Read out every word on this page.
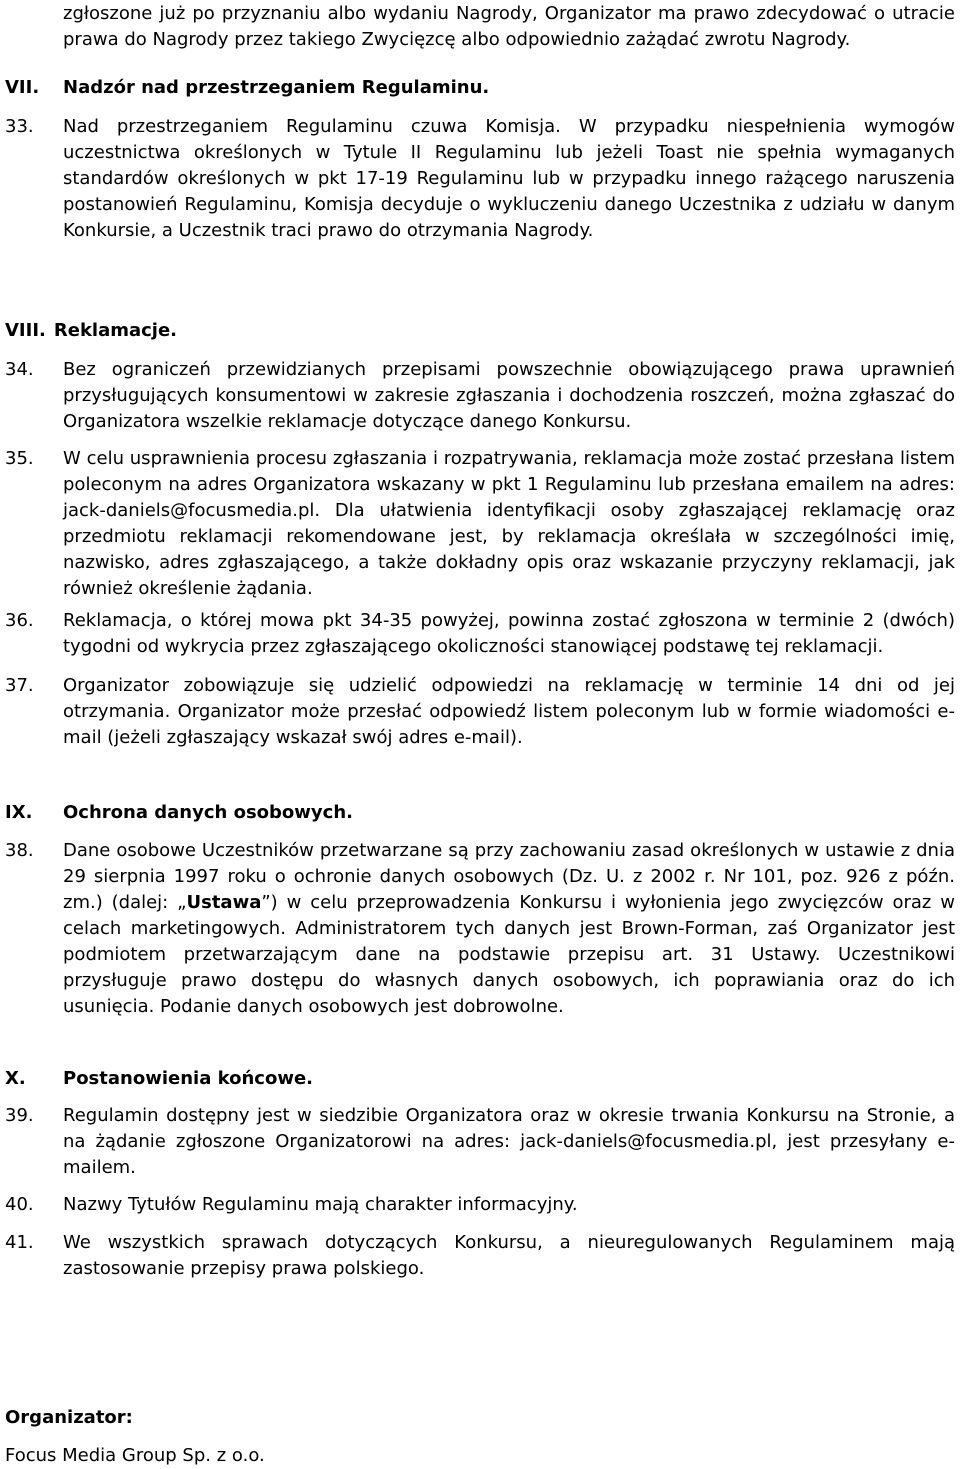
zgłoszone już po przyznaniu albo wydaniu Nagrody, Organizator ma prawo zdecydować o utracie prawa do Nagrody przez takiego Zwycięzcę albo odpowiednio zażądać zwrotu Nagrody.

VII. Nadzór nad przestrzeganiem Regulaminu.
33.	Nad przestrzeganiem Regulaminu czuwa Komisja. W przypadku niespełnienia wymogów uczestnictwa określonych w Tytule II Regulaminu lub jeżeli Toast nie spełnia wymaganych standardów określonych w pkt 17-19 Regulaminu lub w przypadku innego rażącego naruszenia postanowień Regulaminu, Komisja decyduje o wykluczeniu danego Uczestnika z udziału w danym Konkursie, a Uczestnik traci prawo do otrzymania Nagrody.
VIII. Reklamacje.
34.	Bez ograniczeń przewidzianych przepisami powszechnie obowiązującego prawa uprawnień przysługujących konsumentowi w zakresie zgłaszania i dochodzenia roszczeń, można zgłaszać do Organizatora wszelkie reklamacje dotyczące danego Konkursu.
35.	W celu usprawnienia procesu zgłaszania i rozpatrywania, reklamacja może zostać przesłana listem poleconym na adres Organizatora wskazany w pkt 1 Regulaminu lub przesłana emailem na adres: jack-daniels@focusmedia.pl. Dla ułatwienia identyfikacji osoby zgłaszającej reklamację oraz przedmiotu reklamacji rekomendowane jest, by reklamacja określała w szczególności imię, nazwisko, adres zgłaszającego, a także dokładny opis oraz wskazanie przyczyny reklamacji, jak również określenie żądania.
36.	Reklamacja, o której mowa pkt 34-35 powyżej, powinna zostać zgłoszona w terminie 2 (dwóch) tygodni od wykrycia przez zgłaszającego okoliczności stanowiącej podstawę tej reklamacji.
37.	Organizator zobowiązuje się udzielić odpowiedzi na reklamację w terminie 14 dni od jej otrzymania. Organizator może przesłać odpowiedź listem poleconym lub w formie wiadomości e-mail (jeżeli zgłaszający wskazał swój adres e-mail).
IX. Ochrona danych osobowych.
38.	Dane osobowe Uczestników przetwarzane są przy zachowaniu zasad określonych w ustawie z dnia 29 sierpnia 1997 roku o ochronie danych osobowych (Dz. U. z 2002 r. Nr 101, poz. 926 z późn. zm.) (dalej: „Ustawa”) w celu przeprowadzenia Konkursu i wyłonienia jego zwycięzców oraz w celach marketingowych. Administratorem tych danych jest Brown-Forman, zaś Organizator jest podmiotem przetwarzającym dane na podstawie przepisu art. 31 Ustawy. Uczestnikowi przysługuje prawo dostępu do własnych danych osobowych, ich poprawiania oraz do ich usunięcia. Podanie danych osobowych jest dobrowolne.
X. Postanowienia końcowe.
39.	Regulamin dostępny jest w siedzibie Organizatora oraz w okresie trwania Konkursu na Stronie, a na żądanie zgłoszone Organizatorowi na adres: jack-daniels@focusmedia.pl, jest przesyłany e-mailem.
40.	Nazwy Tytułów Regulaminu mają charakter informacyjny.
41.	We wszystkich sprawach dotyczących Konkursu, a nieuregulowanych Regulaminem mają zastosowanie przepisy prawa polskiego.
Organizator:
Focus Media Group Sp. z o.o.
